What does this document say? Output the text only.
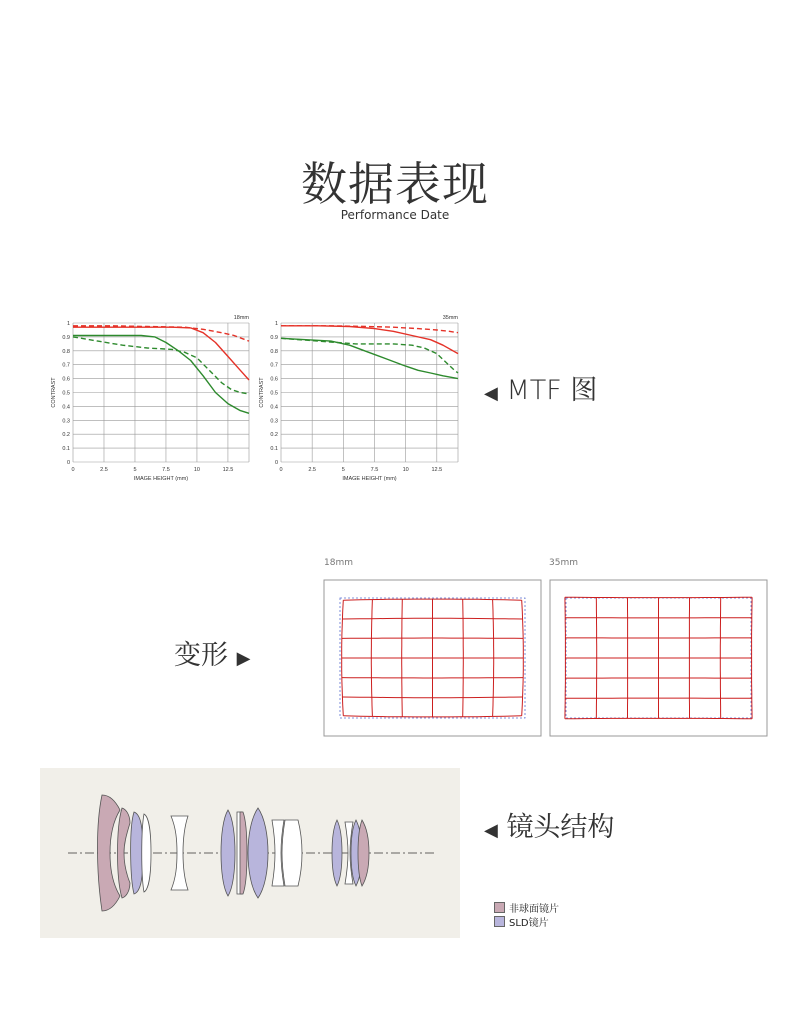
数据表现
Performance Date
0
0.1
0.2
0.3
0.4
0.5
0.6
0.7
0.8
0.9
1
0	2.5	5	7.5	10	12.5
18mm
IMAGE HEIGHT (mm)
CONTRAST
0
0.1
0.2
0.3
0.4
0.5
0.6
0.7
0.8
0.9
1
0	2.5	5	7.5	10	12.5
35mm
IMAGE HEIGHT (mm)
CONTRAST	◀ MTF 图
变形 ▶
18mm	35mm
◀ 镜头结构
非球面镜片
SLD镜片
